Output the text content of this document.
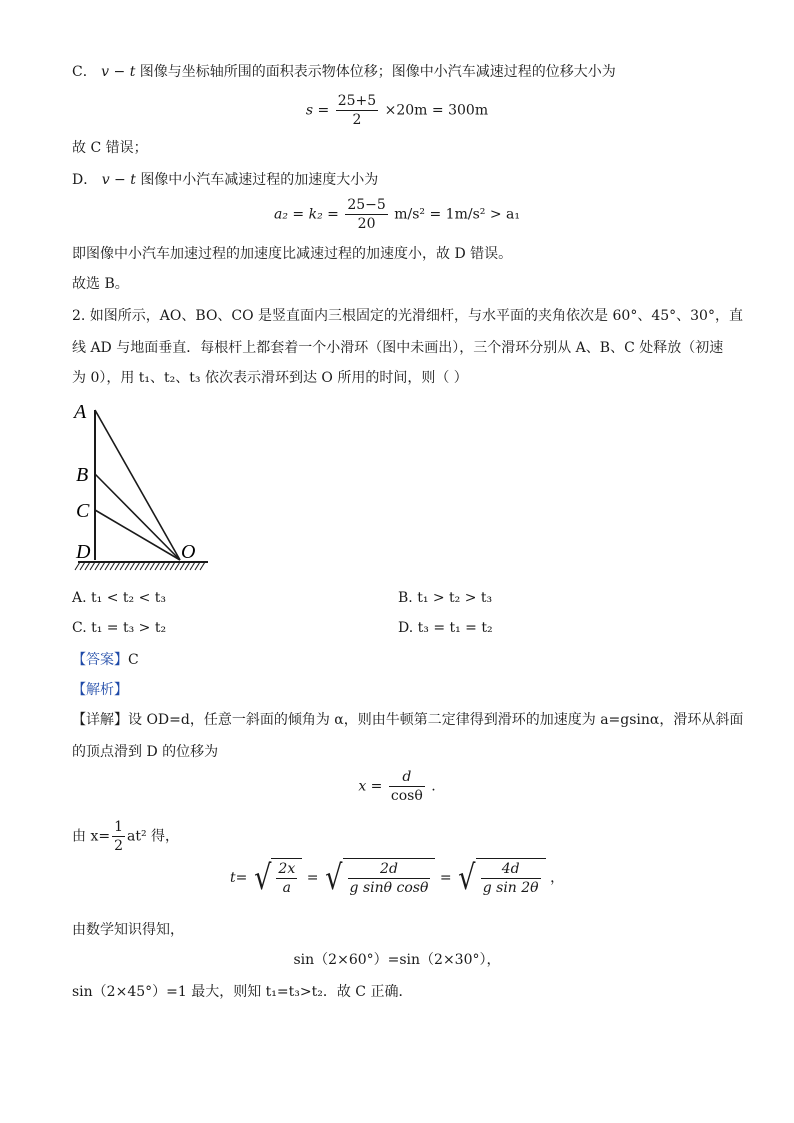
C． v − t 图像与坐标轴所围的面积表示物体位移；图像中小汽车减速过程的位移大小为
$s = \frac{25+5}{2} \times 20m = 300m$
故 C 错误；
D． v − t 图像中小汽车减速过程的加速度大小为
$a_2 = k_2 = \frac{25-5}{20} m/s^2 = 1m/s^2 > a_1$
即图像中小汽车加速过程的加速度比减速过程的加速度小，故 D 错误。
故选 B。
2. 如图所示，AO、BO、CO 是竖直面内三根固定的光滑细杆，与水平面的夹角依次是 60°、45°、30°，直
线 AD 与地面垂直．每根杆上都套着一个小滑环（图中未画出），三个滑环分别从 A、B、C 处释放（初速
为 0），用 t₁、t₂、t₃ 依次表示滑环到达 O 所用的时间，则（ ）
A
B
C
D	O
A. t₁ < t₂ < t₃	B. t₁ > t₂ > t₃
C. t₁ = t₃ > t₂	D. t₃ = t₁ = t₂
【答案】C
【解析】
【详解】设 OD=d，任意一斜面的倾角为 α，则由牛顿第二定律得到滑环的加速度为 a=gsinα，滑环从斜面
的顶点滑到 D 的位移为
$x = \frac{d}{\cos\theta}$ .
由 $x= \frac{1}{2} at^2$ 得，
t= √ $\frac{2x}{a}$ = √ $\frac{2d}{\text{g sinθ cosθ}}$ = √ $\frac{4d}{\text{g sin 2θ}}$ ，
由数学知识得知，
sin（2×60°）=sin（2×30°），
sin（2×45°）=1 最大，则知 t₁=t₃>t₂．故 C 正确．
